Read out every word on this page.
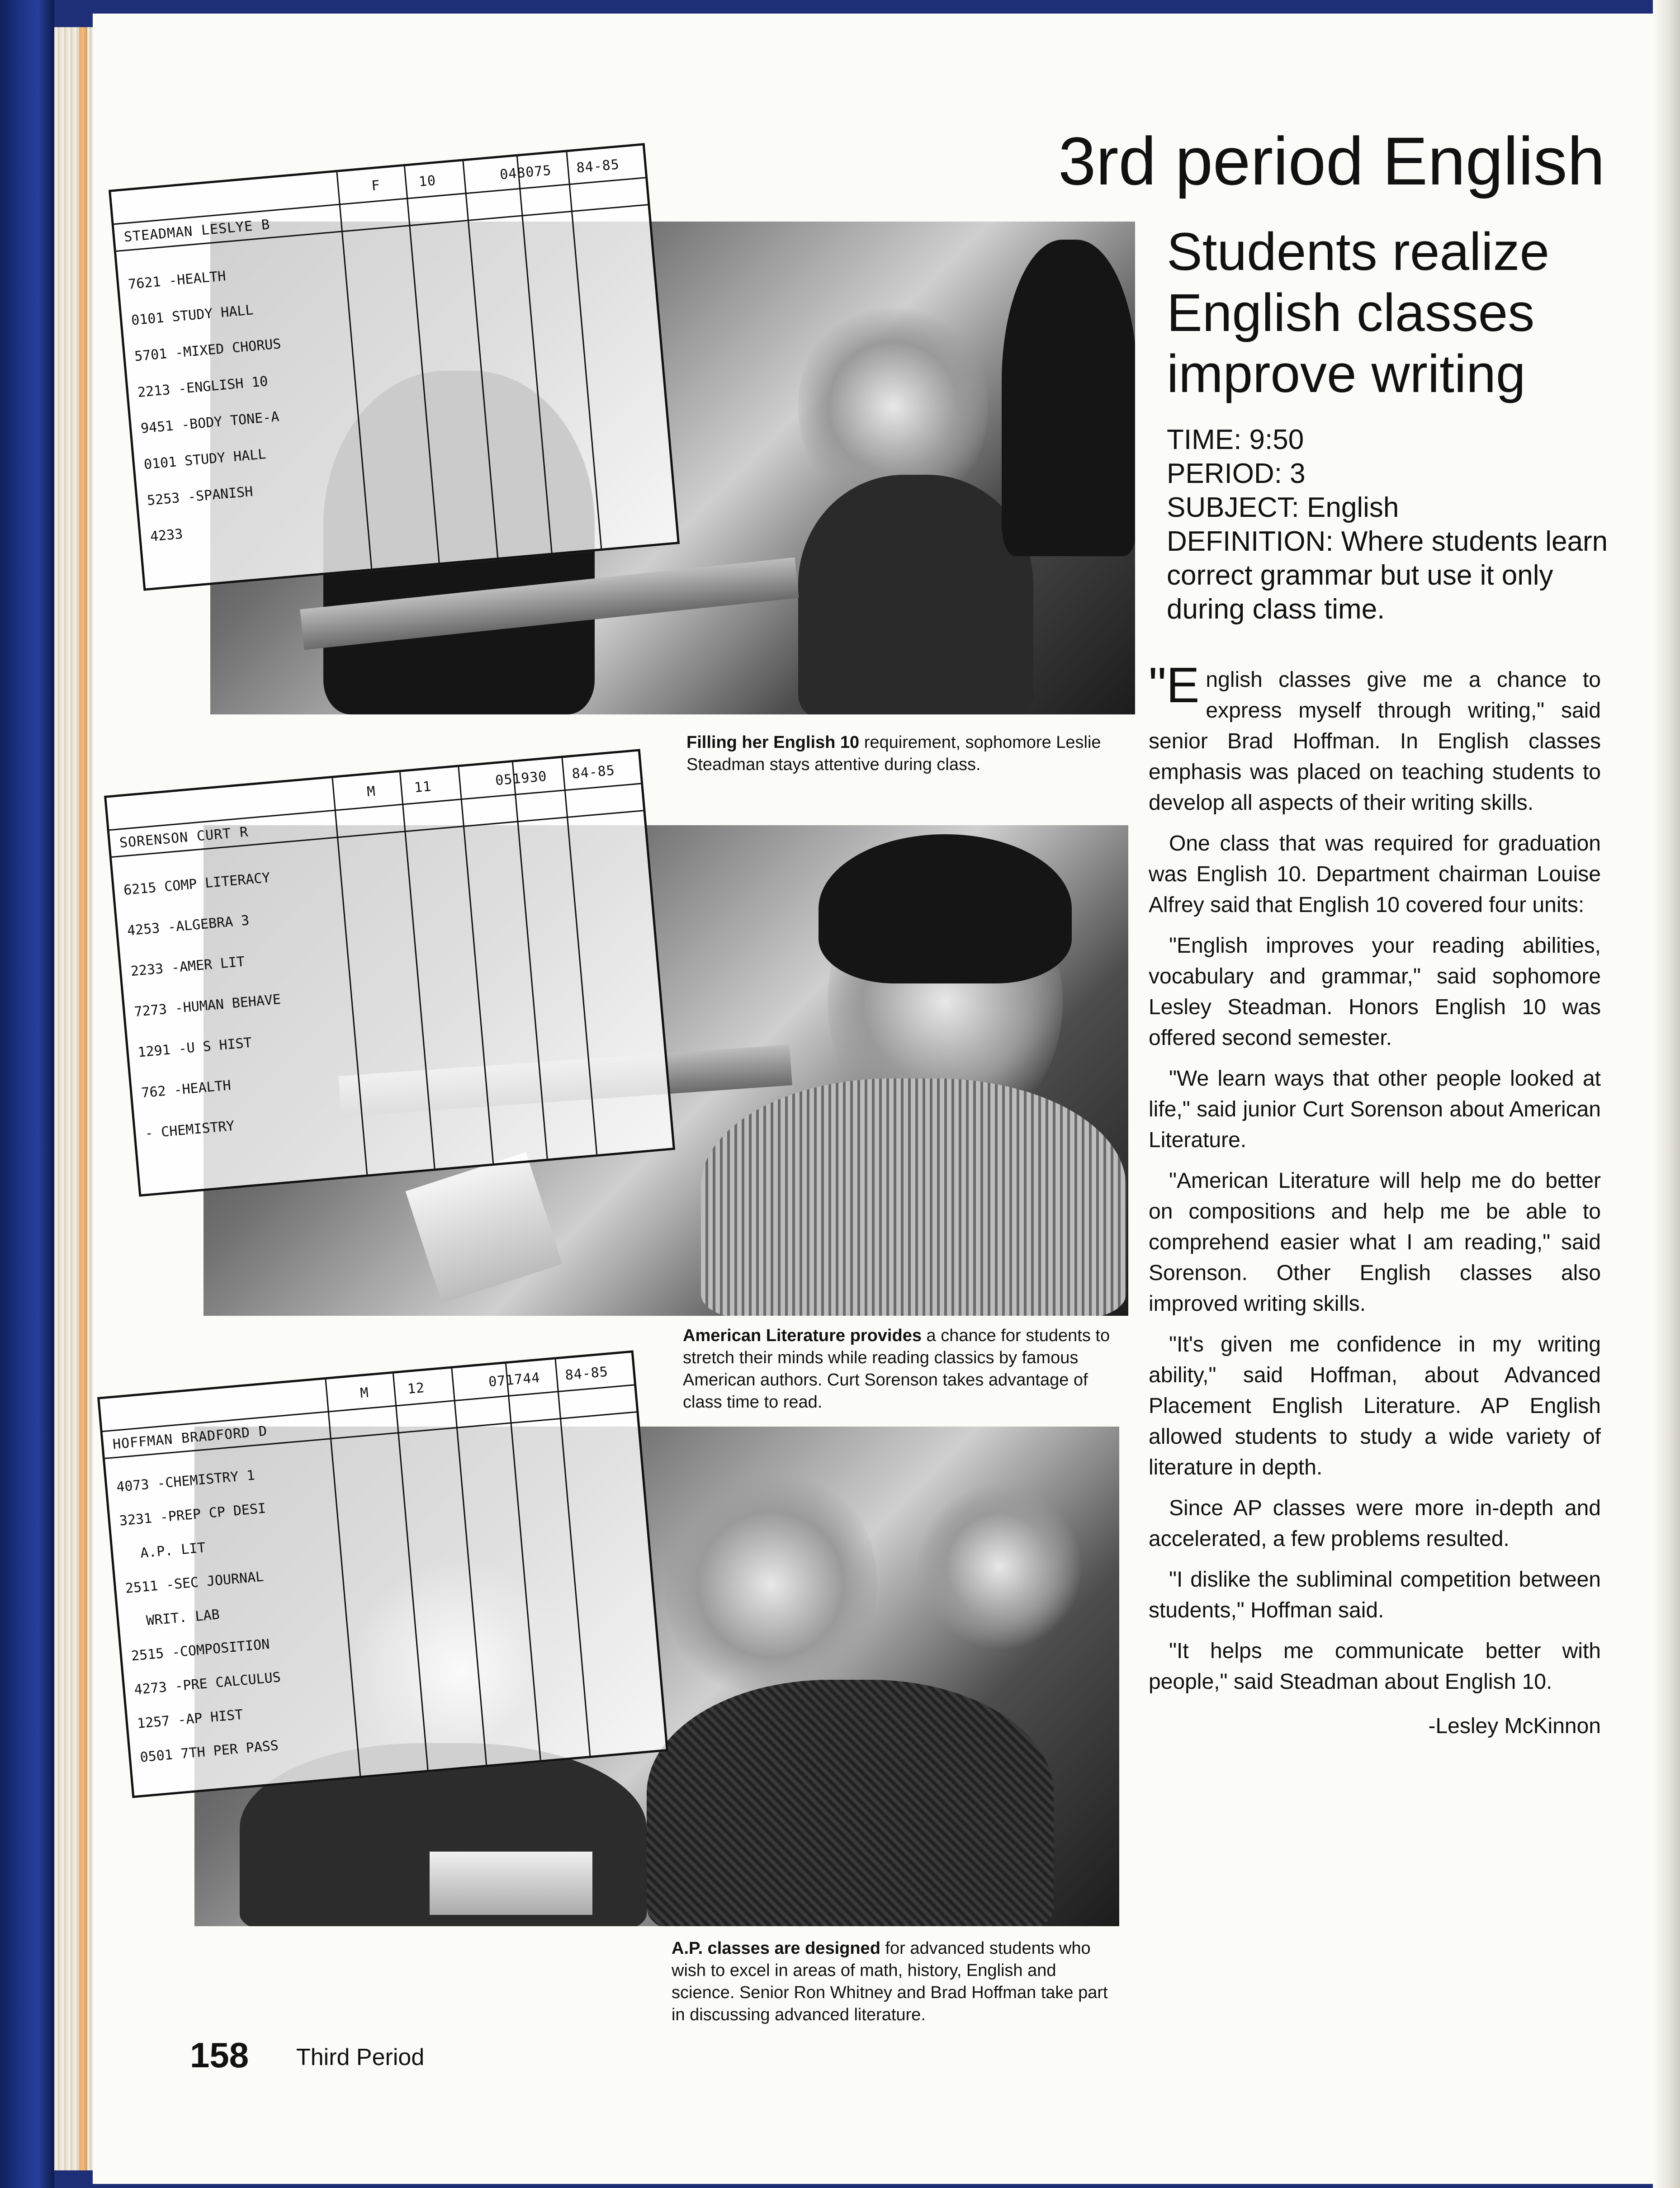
STEADMAN LESLYE B
F	10	048075 84-85
7621 -HEALTH
0101 STUDY HALL
5701 -MIXED CHORUS
2213 -ENGLISH 10
9451 -BODY TONE-A
0101 STUDY HALL
5253 -SPANISH
4233
SORENSON CURT R
M	11	051930 84-85
6215 COMP LITERACY
4253 -ALGEBRA 3
2233 -AMER LIT
7273 -HUMAN BEHAVE
1291 -U S HIST
762 -HEALTH
- CHEMISTRY
HOFFMAN BRADFORD D
M	12	071744 84-85
4073 -CHEMISTRY 1
3231 -PREP CP DESI
A.P. LIT
2511 -SEC JOURNAL
WRIT. LAB
2515 -COMPOSITION
4273 -PRE CALCULUS
1257 -AP HIST
0501 7TH PER PASS
Filling her English 10 requirement, sophomore Leslie Steadman stays attentive during class.
American Literature provides a chance for students to stretch their minds while reading classics by famous American authors. Curt Sorenson takes advantage of class time to read.
A.P. classes are designed for advanced students who wish to excel in areas of math, history, English and science. Senior Ron Whitney and Brad Hoffman take part in discussing advanced literature.
3rd period English
Students realize English classes improve writing
TIME: 9:50
PERIOD: 3
SUBJECT: English
DEFINITION: Where students learn correct grammar but use it only during class time.

"English classes give me a chance to express myself through writing," said senior Brad Hoffman. In English classes emphasis was placed on teaching students to develop all aspects of their writing skills.

One class that was required for graduation was English 10. Department chairman Louise Alfrey said that English 10 covered four units:

"English improves your reading abilities, vocabulary and grammar," said sophomore Lesley Steadman. Honors English 10 was offered second semester.

"We learn ways that other people looked at life," said junior Curt Sorenson about American Literature.

"American Literature will help me do better on compositions and help me be able to comprehend easier what I am reading," said Sorenson. Other English classes also improved writing skills.

"It's given me confidence in my writing ability," said Hoffman, about Advanced Placement English Literature. AP English allowed students to study a wide variety of literature in depth.

Since AP classes were more in-depth and accelerated, a few problems resulted.

"I dislike the subliminal competition between students," Hoffman said.

"It helps me communicate better with people," said Steadman about English 10.

-Lesley McKinnon
158 Third Period
